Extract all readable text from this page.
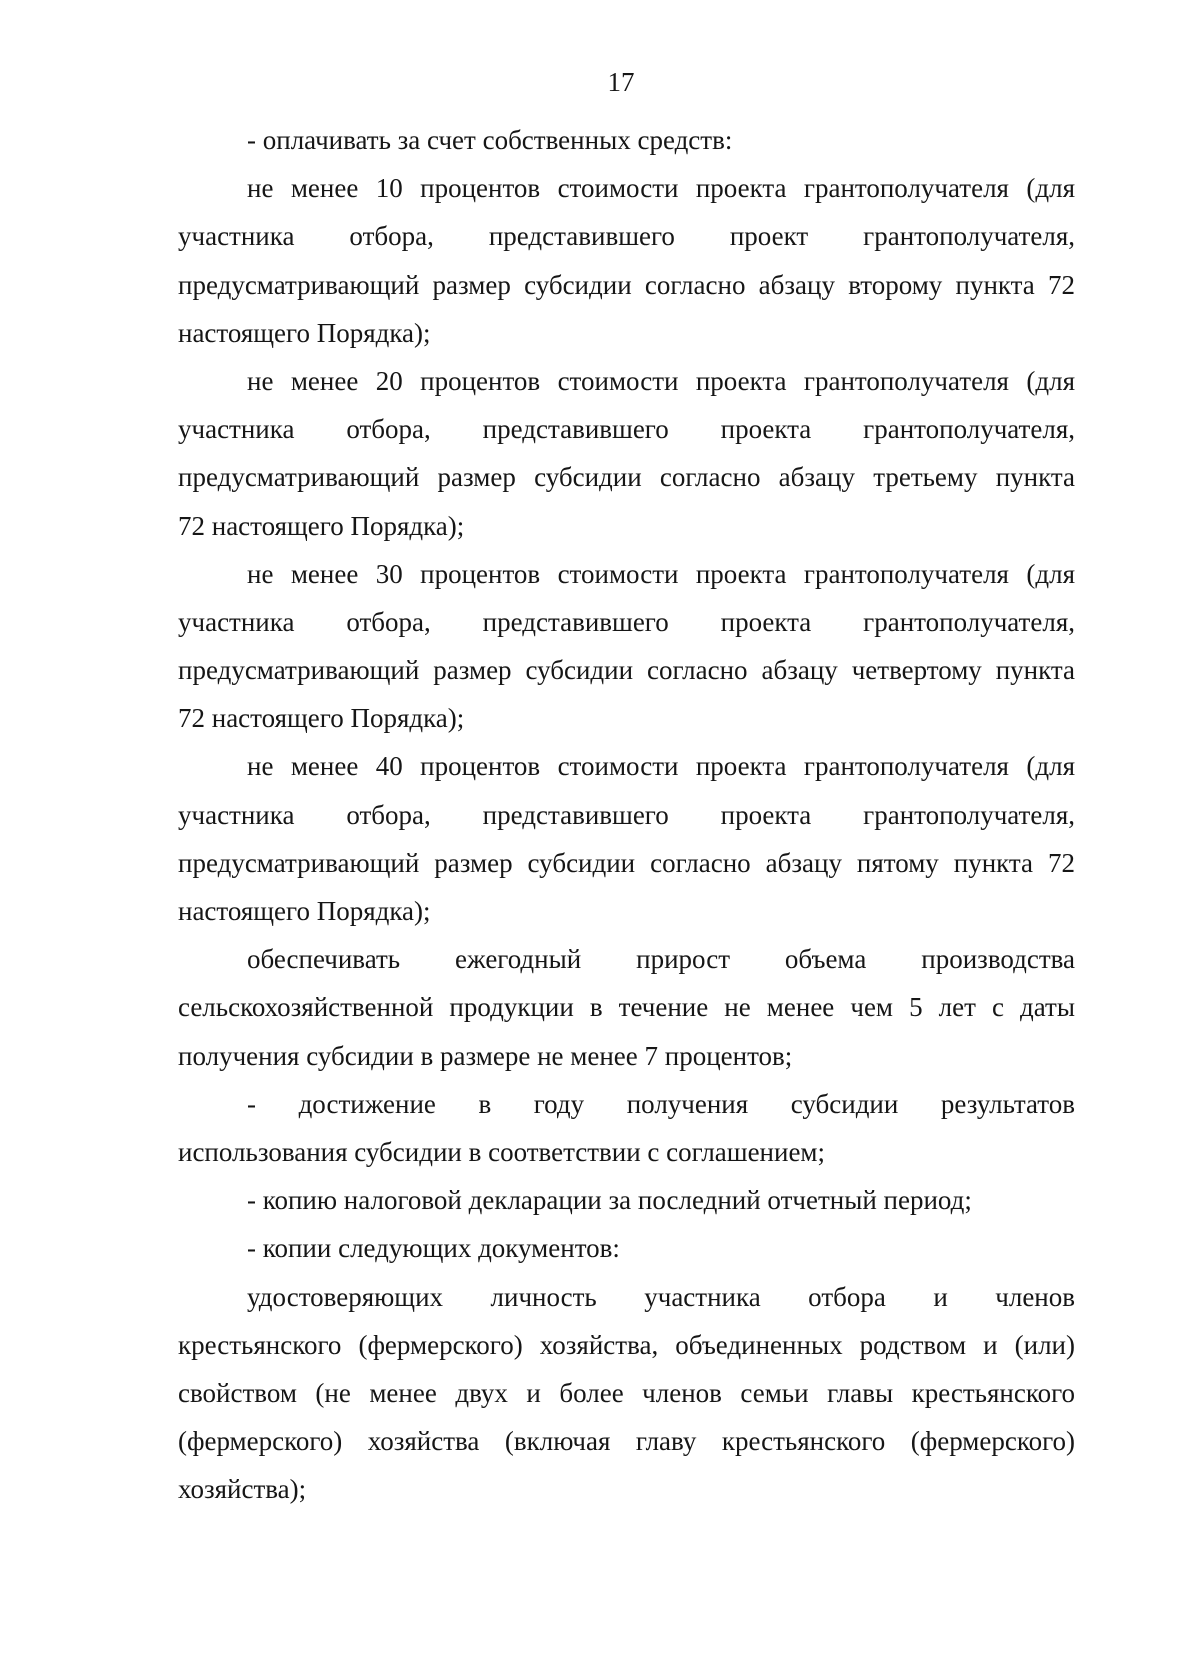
17
- оплачивать за счет собственных средств:
не менее 10 процентов стоимости проекта грантополучателя (для
участника отбора, представившего проект грантополучателя,
предусматривающий размер субсидии согласно абзацу второму пункта 72
настоящего Порядка);
не менее 20 процентов стоимости проекта грантополучателя (для
участника отбора, представившего проекта грантополучателя,
предусматривающий размер субсидии согласно абзацу третьему пункта
72 настоящего Порядка);
не менее 30 процентов стоимости проекта грантополучателя (для
участника отбора, представившего проекта грантополучателя,
предусматривающий размер субсидии согласно абзацу четвертому пункта
72 настоящего Порядка);
не менее 40 процентов стоимости проекта грантополучателя (для
участника отбора, представившего проекта грантополучателя,
предусматривающий размер субсидии согласно абзацу пятому пункта 72
настоящего Порядка);
обеспечивать ежегодный прирост объема производства
сельскохозяйственной продукции в течение не менее чем 5 лет с даты
получения субсидии в размере не менее 7 процентов;
- достижение в году получения субсидии результатов
использования субсидии в соответствии с соглашением;
- копию налоговой декларации за последний отчетный период;
- копии следующих документов:
удостоверяющих личность участника отбора и членов
крестьянского (фермерского) хозяйства, объединенных родством и (или)
свойством (не менее двух и более членов семьи главы крестьянского
(фермерского) хозяйства (включая главу крестьянского (фермерского)
хозяйства);
